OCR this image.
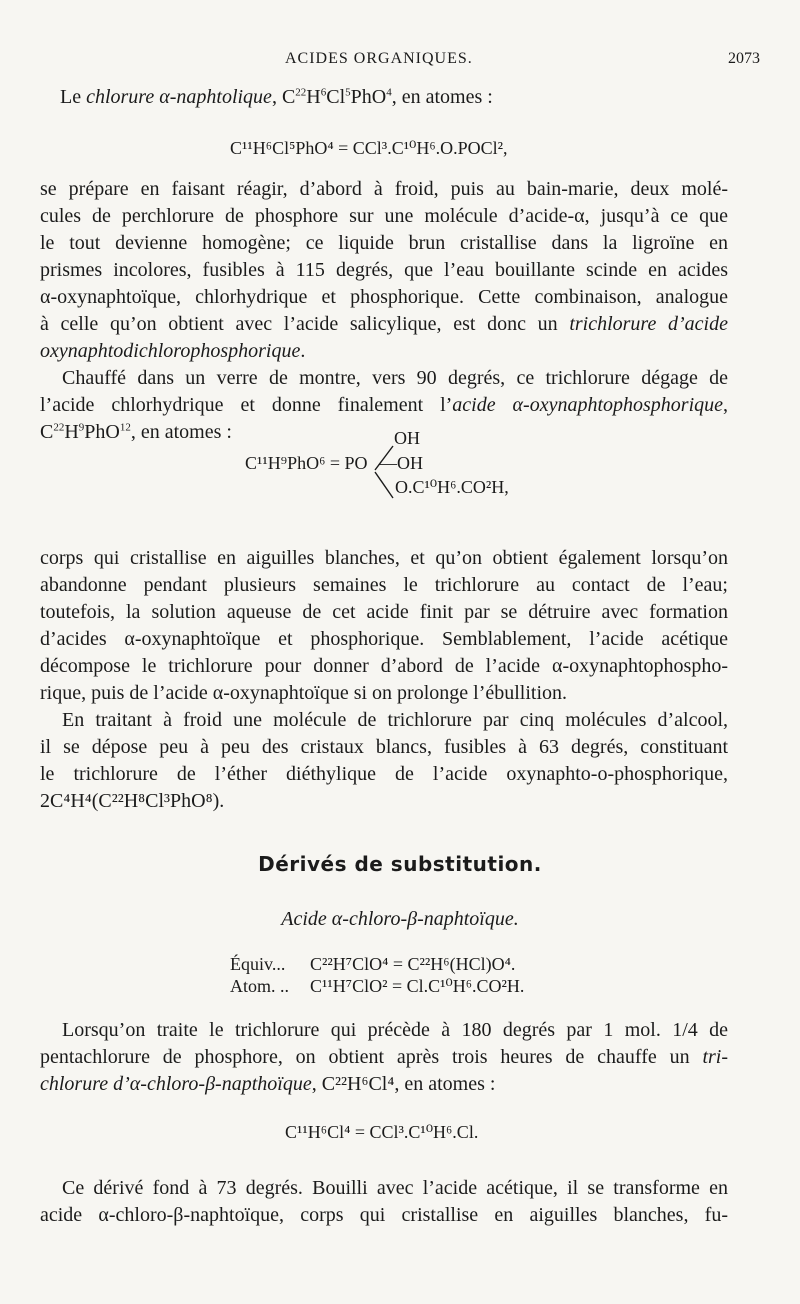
ACIDES ORGANIQUES.	2073
Le chlorure α-naphtolique, $C^{22}H^6Cl^5PhO^4$, en atomes :
C¹¹H⁶Cl⁵PhO⁴ = CCl³.C¹⁰H⁶.O.POCl²,
se prépare en faisant réagir, d’abord à froid, puis au bain-marie, deux molé-
cules de perchlorure de phosphore sur une molécule d’acide-α, jusqu’à ce que
le tout devienne homogène; ce liquide brun cristallise dans la ligroïne en
prismes incolores, fusibles à 115 degrés, que l’eau bouillante scinde en acides
α-oxynaphtoïque, chlorhydrique et phosphorique. Cette combinaison, analogue
à celle qu’on obtient avec l’acide salicylique, est donc un trichlorure d’acide
oxynaphtodichlorophosphorique.
Chauffé dans un verre de montre, vers 90 degrés, ce trichlorure dégage de
l’acide chlorhydrique et donne finalement l’acide α-oxynaphtophosphorique,
$C^{22}H^9PhO^{12}$, en atomes :	OH
C¹¹H⁹PhO⁶ = PO —OH
O.C¹⁰H⁶.CO²H,
corps qui cristallise en aiguilles blanches, et qu’on obtient également lorsqu’on
abandonne pendant plusieurs semaines le trichlorure au contact de l’eau;
toutefois, la solution aqueuse de cet acide finit par se détruire avec formation
d’acides α-oxynaphtoïque et phosphorique. Semblablement, l’acide acétique
décompose le trichlorure pour donner d’abord de l’acide α-oxynaphtophospho-
rique, puis de l’acide α-oxynaphtoïque si on prolonge l’ébullition.
En traitant à froid une molécule de trichlorure par cinq molécules d’alcool,
il se dépose peu à peu des cristaux blancs, fusibles à 63 degrés, constituant
le trichlorure de l’éther diéthylique de l’acide oxynaphto-o-phosphorique,
2C⁴H⁴(C²²H⁸Cl³PhO⁸).
Dérivés de substitution.
Acide α-chloro-β-naphtoïque.
Équiv... C²²H⁷ClO⁴ = C²²H⁶(HCl)O⁴.
Atom. .. C¹¹H⁷ClO² = Cl.C¹⁰H⁶.CO²H.
Lorsqu’on traite le trichlorure qui précède à 180 degrés par 1 mol. 1/4 de
pentachlorure de phosphore, on obtient après trois heures de chauffe un tri-
chlorure d’α-chloro-β-napthoïque, C²²H⁶Cl⁴, en atomes :
C¹¹H⁶Cl⁴ = CCl³.C¹⁰H⁶.Cl.
Ce dérivé fond à 73 degrés. Bouilli avec l’acide acétique, il se transforme en
acide α-chloro-β-naphtoïque, corps qui cristallise en aiguilles blanches, fu-
